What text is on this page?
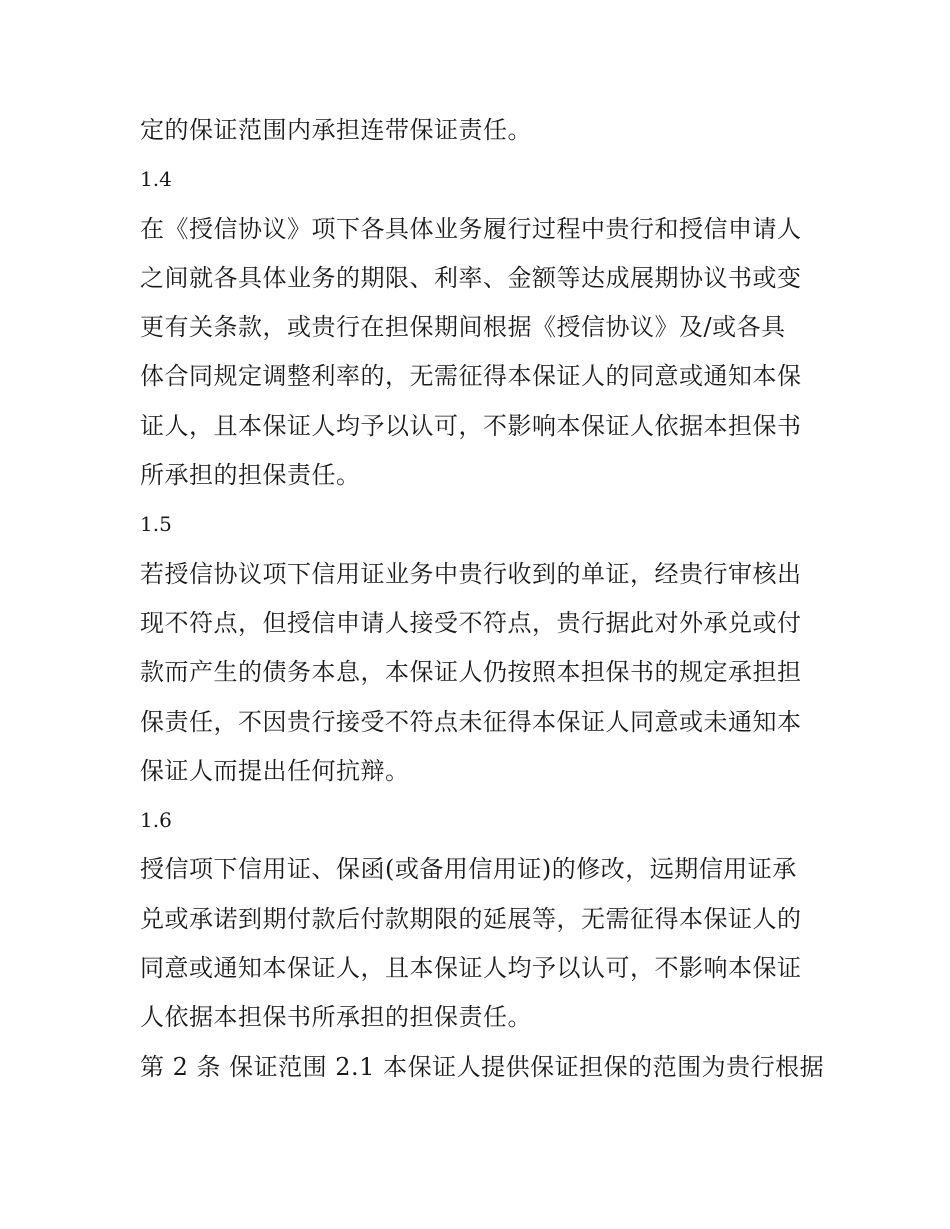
定的保证范围内承担连带保证责任。
1.4
在《授信协议》项下各具体业务履行过程中贵行和授信申请人
之间就各具体业务的期限、利率、金额等达成展期协议书或变
更有关条款，或贵行在担保期间根据《授信协议》及/或各具
体合同规定调整利率的，无需征得本保证人的同意或通知本保
证人，且本保证人均予以认可，不影响本保证人依据本担保书
所承担的担保责任。
1.5
若授信协议项下信用证业务中贵行收到的单证，经贵行审核出
现不符点，但授信申请人接受不符点，贵行据此对外承兑或付
款而产生的债务本息，本保证人仍按照本担保书的规定承担担
保责任，不因贵行接受不符点未征得本保证人同意或未通知本
保证人而提出任何抗辩。
1.6
授信项下信用证、保函(或备用信用证)的修改，远期信用证承
兑或承诺到期付款后付款期限的延展等，无需征得本保证人的
同意或通知本保证人，且本保证人均予以认可，不影响本保证
人依据本担保书所承担的担保责任。
第 2 条 保证范围 2.1 本保证人提供保证担保的范围为贵行根据
